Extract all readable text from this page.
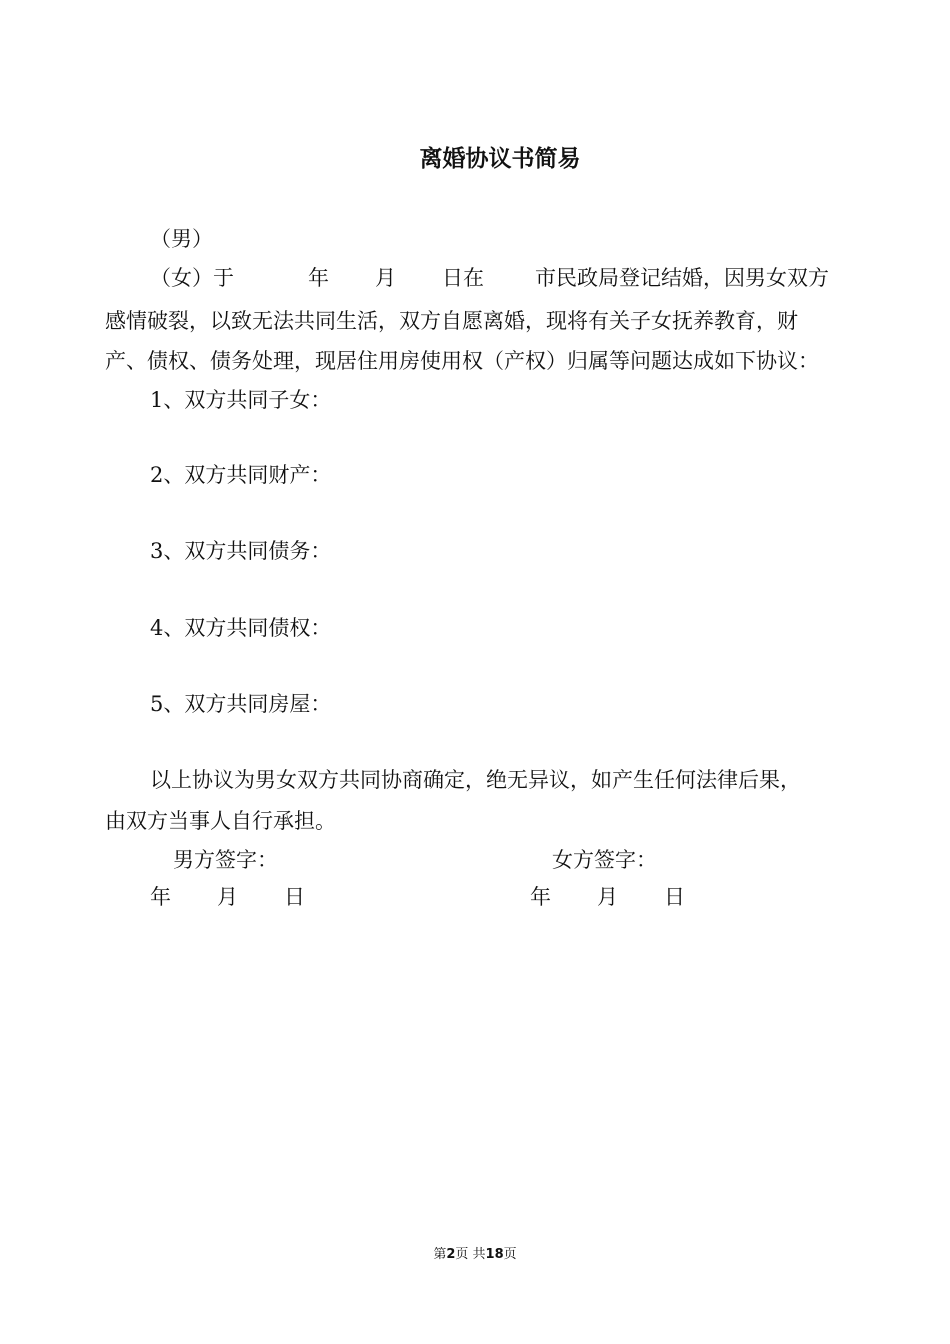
离婚协议书简易
（男）
（女）于	年 月 日在 市民政局登记结婚，因男女双方
感情破裂，以致无法共同生活，双方自愿离婚，现将有关子女抚养教育，财
产、债权、债务处理，现居住用房使用权（产权）归属等问题达成如下协议：
1、双方共同子女：
2、双方共同财产：
3、双方共同债务：
4、双方共同债权：
5、双方共同房屋：
以上协议为男女双方共同协商确定，绝无异议，如产生任何法律后果，
由双方当事人自行承担。
男方签字：	女方签字：
年 月 日	年 月 日
第2页 共18页
